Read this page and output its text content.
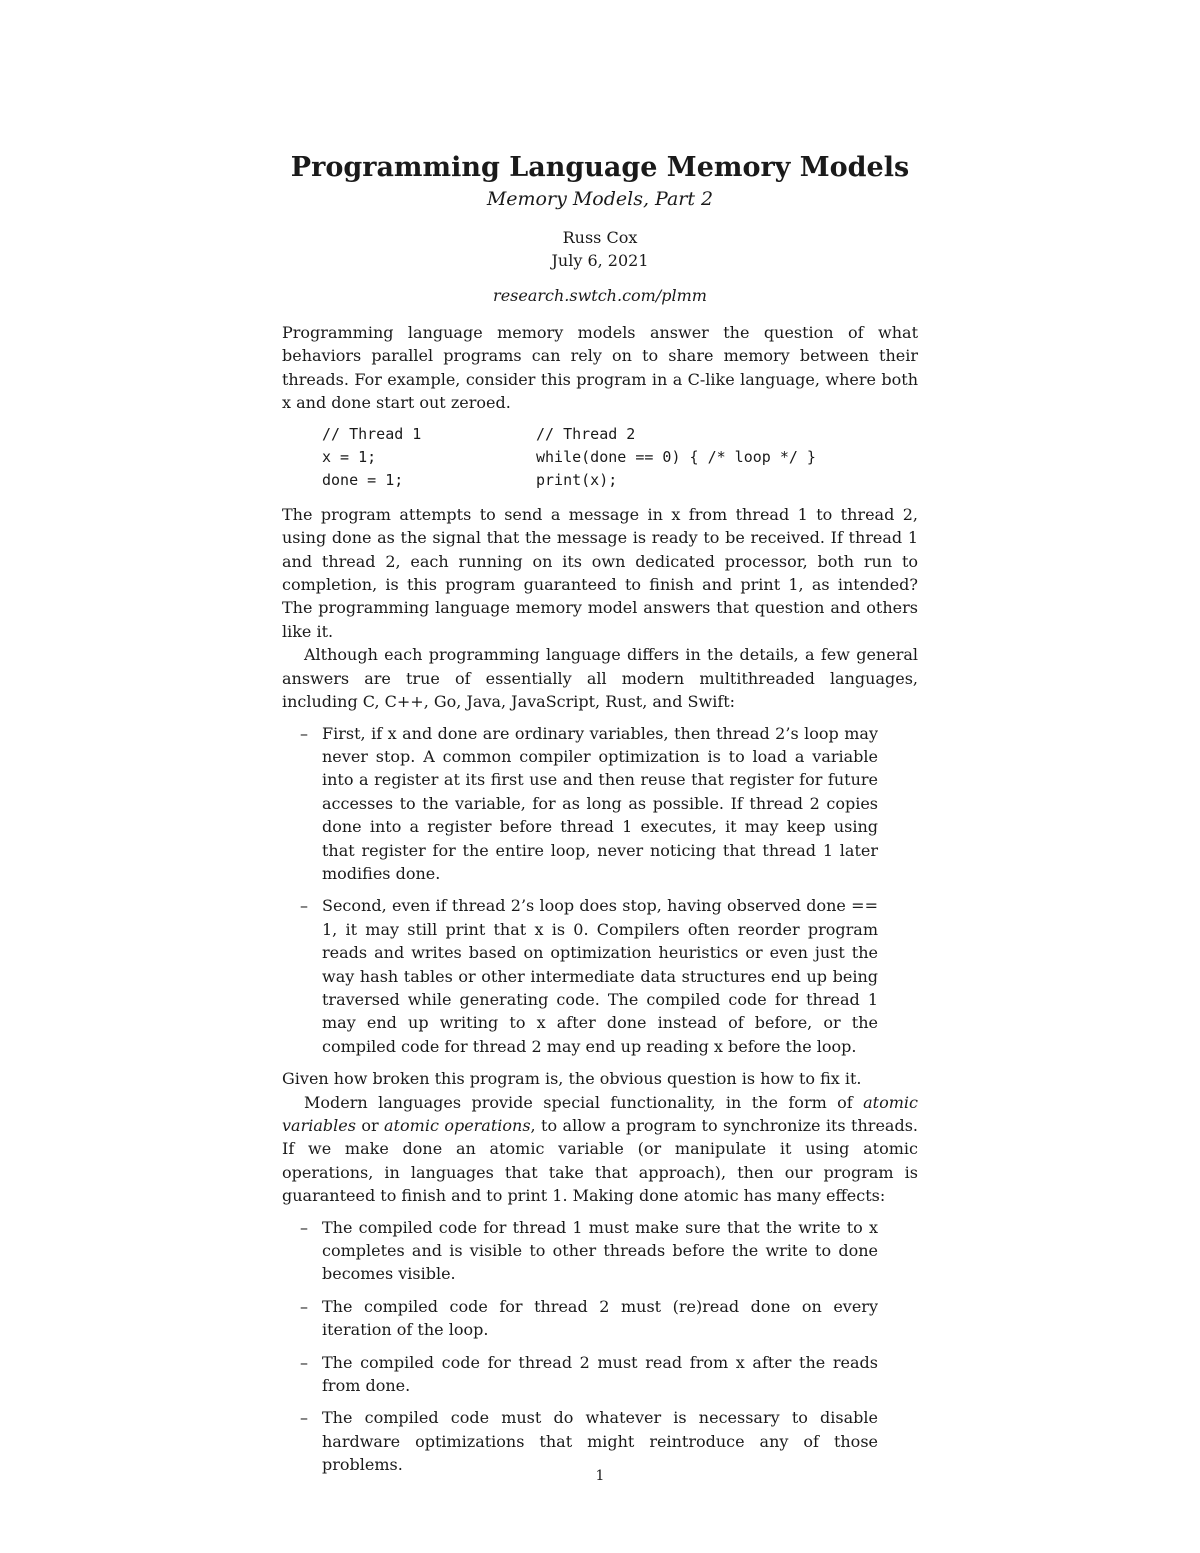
Programming Language Memory Models
Memory Models, Part 2
Russ Cox
July 6, 2021
research.swtch.com/plmm

Programming language memory models answer the question of what behaviors parallel programs can rely on to share memory between their threads. For example, consider this program in a C-like language, where both x and done start out zeroed.

// Thread 1	// Thread 2
x = 1;	while(done == 0) { /* loop */ }
done = 1;	print(x);

The program attempts to send a message in x from thread 1 to thread 2, using done as the signal that the message is ready to be received. If thread 1 and thread 2, each running on its own dedicated processor, both run to completion, is this program guaranteed to finish and print 1, as intended? The programming language memory model answers that question and others like it.

Although each programming language differs in the details, a few general answers are true of essentially all modern multithreaded languages, including C, C++, Go, Java, JavaScript, Rust, and Swift:

– First, if x and done are ordinary variables, then thread 2’s loop may never stop. A common compiler optimization is to load a variable into a register at its first use and then reuse that register for future accesses to the variable, for as long as possible. If thread 2 copies done into a register before thread 1 executes, it may keep using that register for the entire loop, never noticing that thread 1 later modifies done.
– Second, even if thread 2’s loop does stop, having observed done == 1, it may still print that x is 0. Compilers often reorder program reads and writes based on optimization heuristics or even just the way hash tables or other intermediate data structures end up being traversed while generating code. The compiled code for thread 1 may end up writing to x after done instead of before, or the compiled code for thread 2 may end up reading x before the loop.

Given how broken this program is, the obvious question is how to fix it.

Modern languages provide special functionality, in the form of atomic variables or atomic operations, to allow a program to synchronize its threads. If we make done an atomic variable (or manipulate it using atomic operations, in languages that take that approach), then our program is guaranteed to finish and to print 1. Making done atomic has many effects:

– The compiled code for thread 1 must make sure that the write to x completes and is visible to other threads before the write to done becomes visible.
– The compiled code for thread 2 must (re)read done on every iteration of the loop.
– The compiled code for thread 2 must read from x after the reads from done.
– The compiled code must do whatever is necessary to disable hardware optimizations that might reintroduce any of those problems.
1
